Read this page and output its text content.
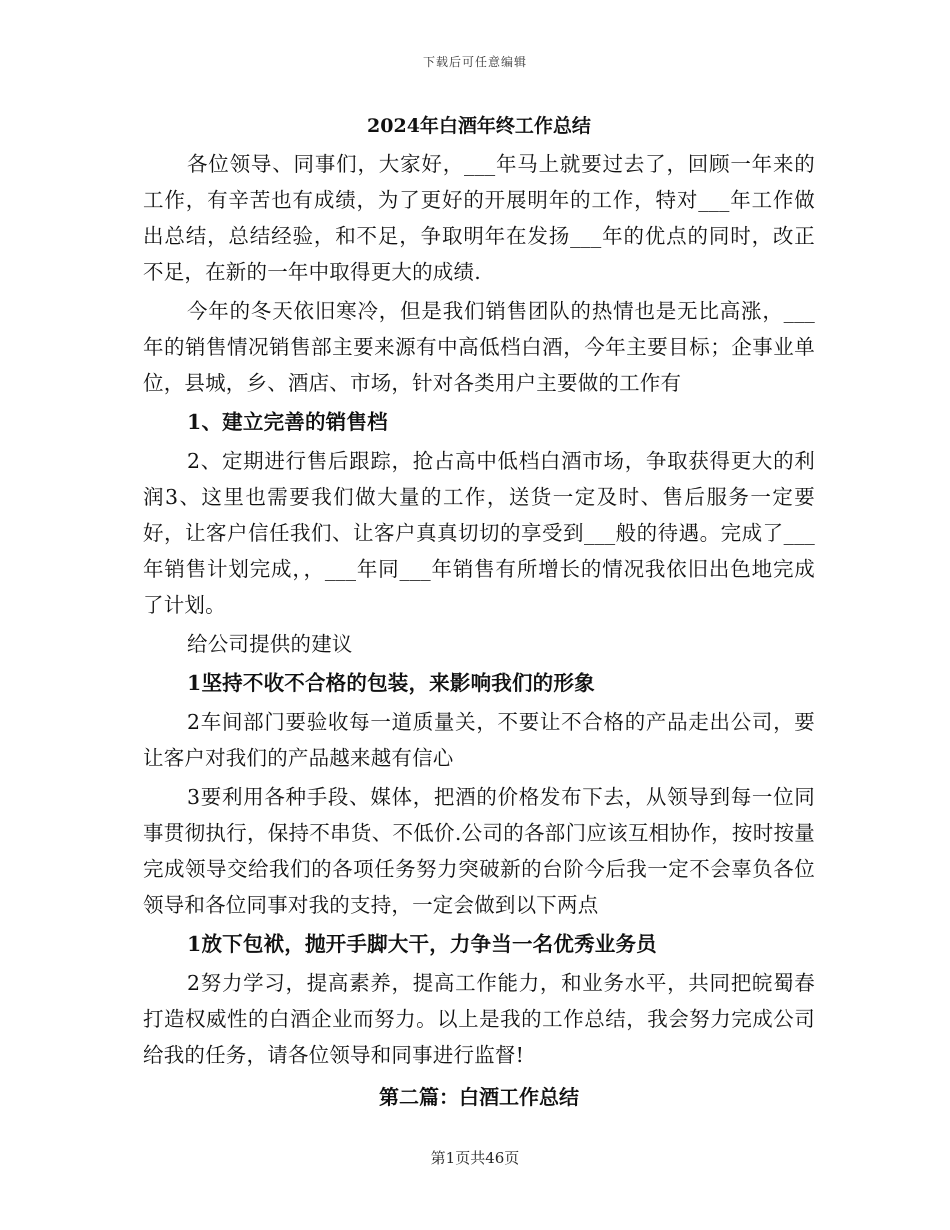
下载后可任意编辑
2024年白酒年终工作总结

各位领导、同事们，大家好，___年马上就要过去了，回顾一年来的工作，有辛苦也有成绩，为了更好的开展明年的工作，特对___年工作做出总结，总结经验，和不足，争取明年在发扬___年的优点的同时，改正不足，在新的一年中取得更大的成绩.

今年的冬天依旧寒冷，但是我们销售团队的热情也是无比高涨，___年的销售情况销售部主要来源有中高低档白酒，今年主要目标；企事业单位，县城，乡、酒店、市场，针对各类用户主要做的工作有

1、建立完善的销售档

2、定期进行售后跟踪，抢占高中低档白酒市场，争取获得更大的利润3、这里也需要我们做大量的工作，送货一定及时、售后服务一定要好，让客户信任我们、让客户真真切切的享受到___般的待遇。完成了___年销售计划完成，，___年同___年销售有所增长的情况我依旧出色地完成了计划。

给公司提供的建议

1坚持不收不合格的包装，来影响我们的形象

2车间部门要验收每一道质量关，不要让不合格的产品走出公司，要让客户对我们的产品越来越有信心

3要利用各种手段、媒体，把酒的价格发布下去，从领导到每一位同事贯彻执行，保持不串货、不低价.公司的各部门应该互相协作，按时按量完成领导交给我们的各项任务努力突破新的台阶今后我一定不会辜负各位领导和各位同事对我的支持，一定会做到以下两点

1放下包袱，抛开手脚大干，力争当一名优秀业务员

2努力学习，提高素养，提高工作能力，和业务水平，共同把皖蜀春打造权威性的白酒企业而努力。以上是我的工作总结，我会努力完成公司给我的任务，请各位领导和同事进行监督!

第二篇：白酒工作总结
第1页共46页
